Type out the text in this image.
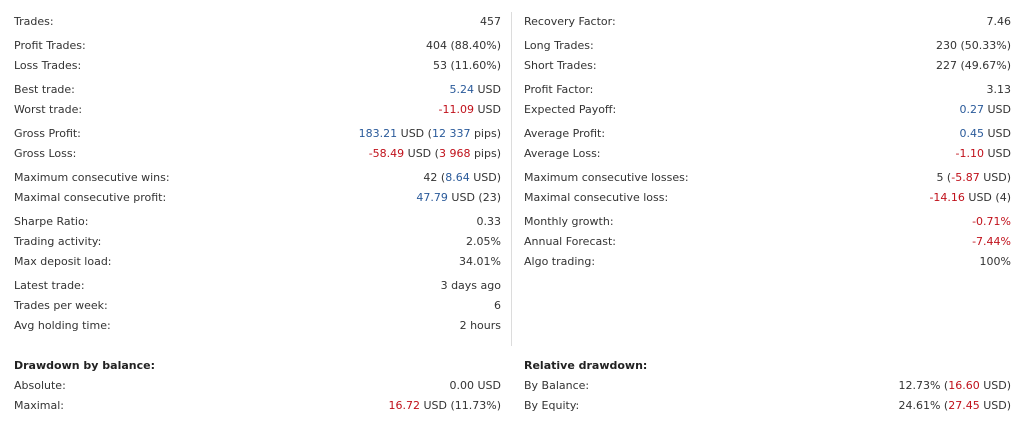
Trades:	457
Profit Trades:	404 (88.40%)
Loss Trades:	53 (11.60%)
Best trade:	5.24 USD
Worst trade:	-11.09 USD
Gross Profit:	183.21 USD (12 337 pips)
Gross Loss:	-58.49 USD (3 968 pips)
Maximum consecutive wins:	42 (8.64 USD)
Maximal consecutive profit:	47.79 USD (23)
Sharpe Ratio:	0.33
Trading activity:	2.05%
Max deposit load:	34.01%
Latest trade:	3 days ago
Trades per week:	6
Avg holding time:	2 hours
Drawdown by balance:
Absolute:	0.00 USD
Maximal:	16.72 USD (11.73%)
Recovery Factor:	7.46
Long Trades:	230 (50.33%)
Short Trades:	227 (49.67%)
Profit Factor:	3.13
Expected Payoff:	0.27 USD
Average Profit:	0.45 USD
Average Loss:	-1.10 USD
Maximum consecutive losses:	5 (-5.87 USD)
Maximal consecutive loss:	-14.16 USD (4)
Monthly growth:	-0.71%
Annual Forecast:	-7.44%
Algo trading:	100%
Relative drawdown:
By Balance:	12.73% (16.60 USD)
By Equity:	24.61% (27.45 USD)
